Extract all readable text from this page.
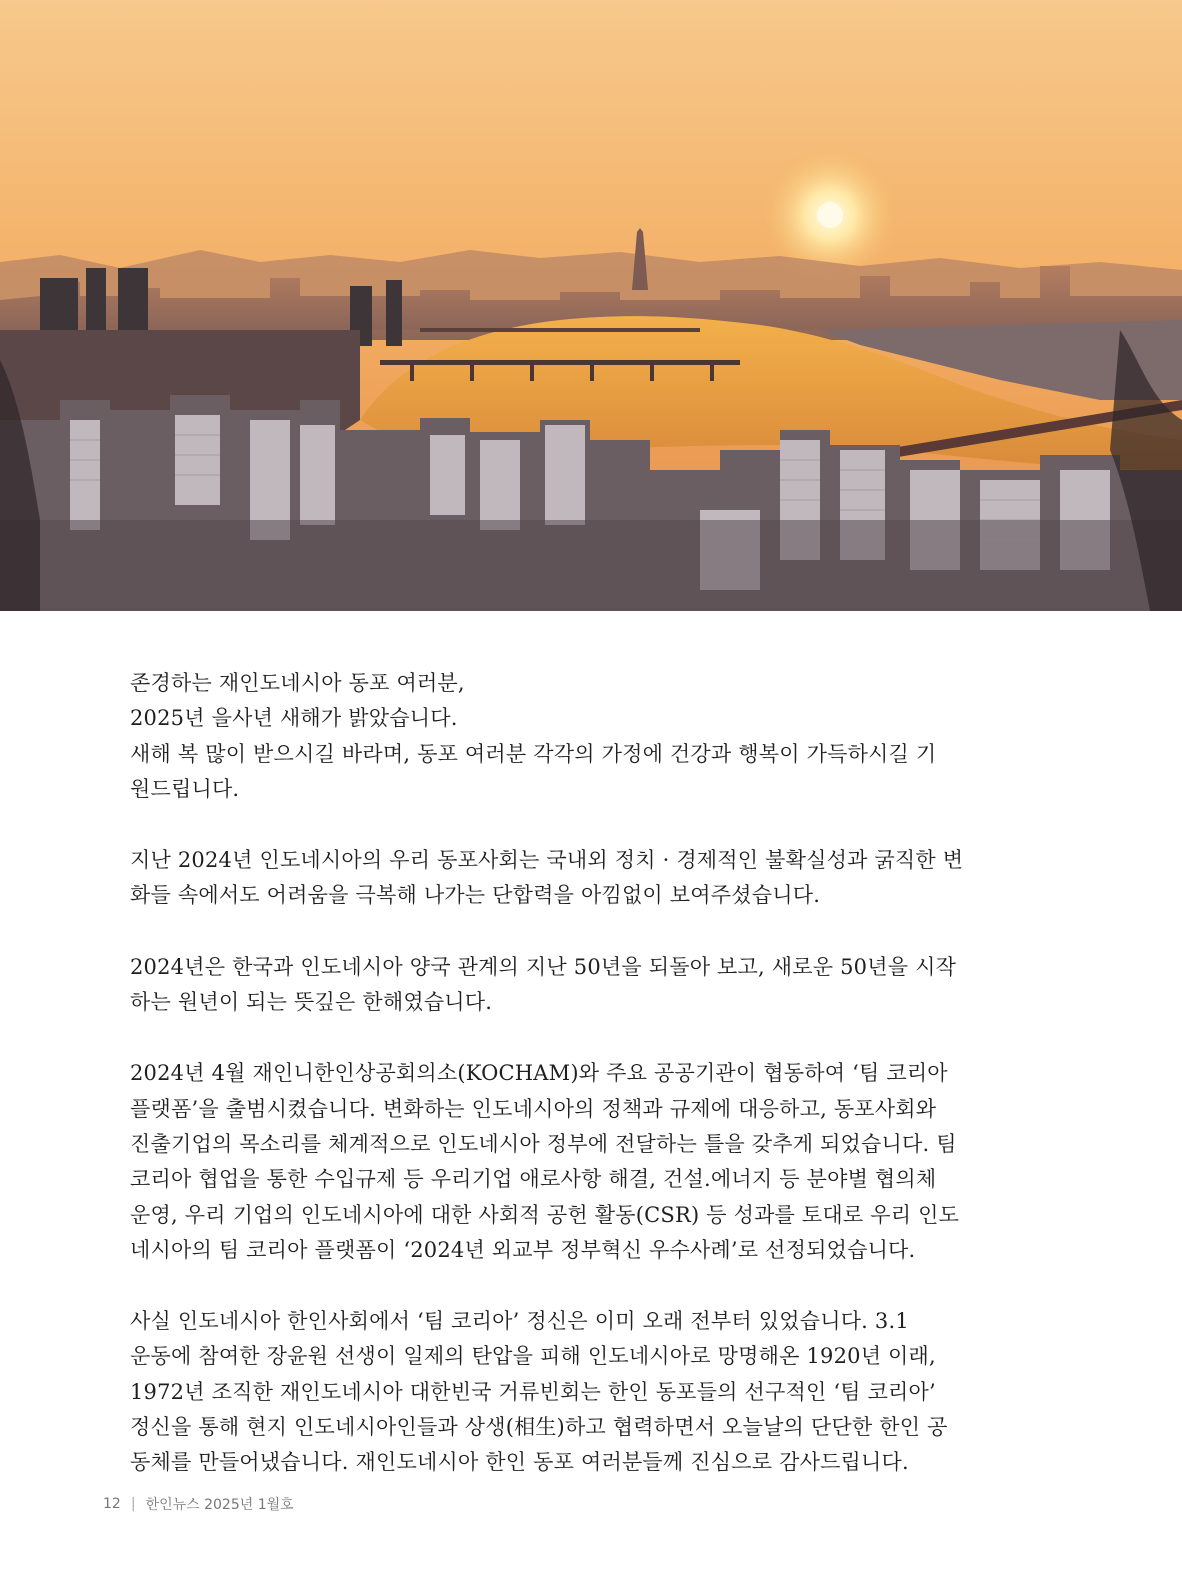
존경하는 재인도네시아 동포 여러분,

2025년 을사년 새해가 밝았습니다.

새해 복 많이 받으시길 바라며, 동포 여러분 각각의 가정에 건강과 행복이 가득하시길 기

원드립니다.

지난 2024년 인도네시아의 우리 동포사회는 국내외 정치 · 경제적인 불확실성과 굵직한 변

화들 속에서도 어려움을 극복해 나가는 단합력을 아낌없이 보여주셨습니다.

2024년은 한국과 인도네시아 양국 관계의 지난 50년을 되돌아 보고, 새로운 50년을 시작

하는 원년이 되는 뜻깊은 한해였습니다.

2024년 4월 재인니한인상공회의소(KOCHAM)와 주요 공공기관이 협동하여 ‘팀 코리아

플랫폼’을 출범시켰습니다. 변화하는 인도네시아의 정책과 규제에 대응하고, 동포사회와

진출기업의 목소리를 체계적으로 인도네시아 정부에 전달하는 틀을 갖추게 되었습니다. 팀

코리아 협업을 통한 수입규제 등 우리기업 애로사항 해결, 건설.에너지 등 분야별 협의체

운영, 우리 기업의 인도네시아에 대한 사회적 공헌 활동(CSR) 등 성과를 토대로 우리 인도

네시아의 팀 코리아 플랫폼이 ‘2024년 외교부 정부혁신 우수사례’로 선정되었습니다.

사실 인도네시아 한인사회에서 ‘팀 코리아’ 정신은 이미 오래 전부터 있었습니다. 3.1

운동에 참여한 장윤원 선생이 일제의 탄압을 피해 인도네시아로 망명해온 1920년 이래,

1972년 조직한 재인도네시아 대한빈국 거류빈회는 한인 동포들의 선구적인 ‘팀 코리아’

정신을 통해 현지 인도네시아인들과 상생(相生)하고 협력하면서 오늘날의 단단한 한인 공

동체를 만들어냈습니다. 재인도네시아 한인 동포 여러분들께 진심으로 감사드립니다.

12 | 한인뉴스 2025년 1월호
